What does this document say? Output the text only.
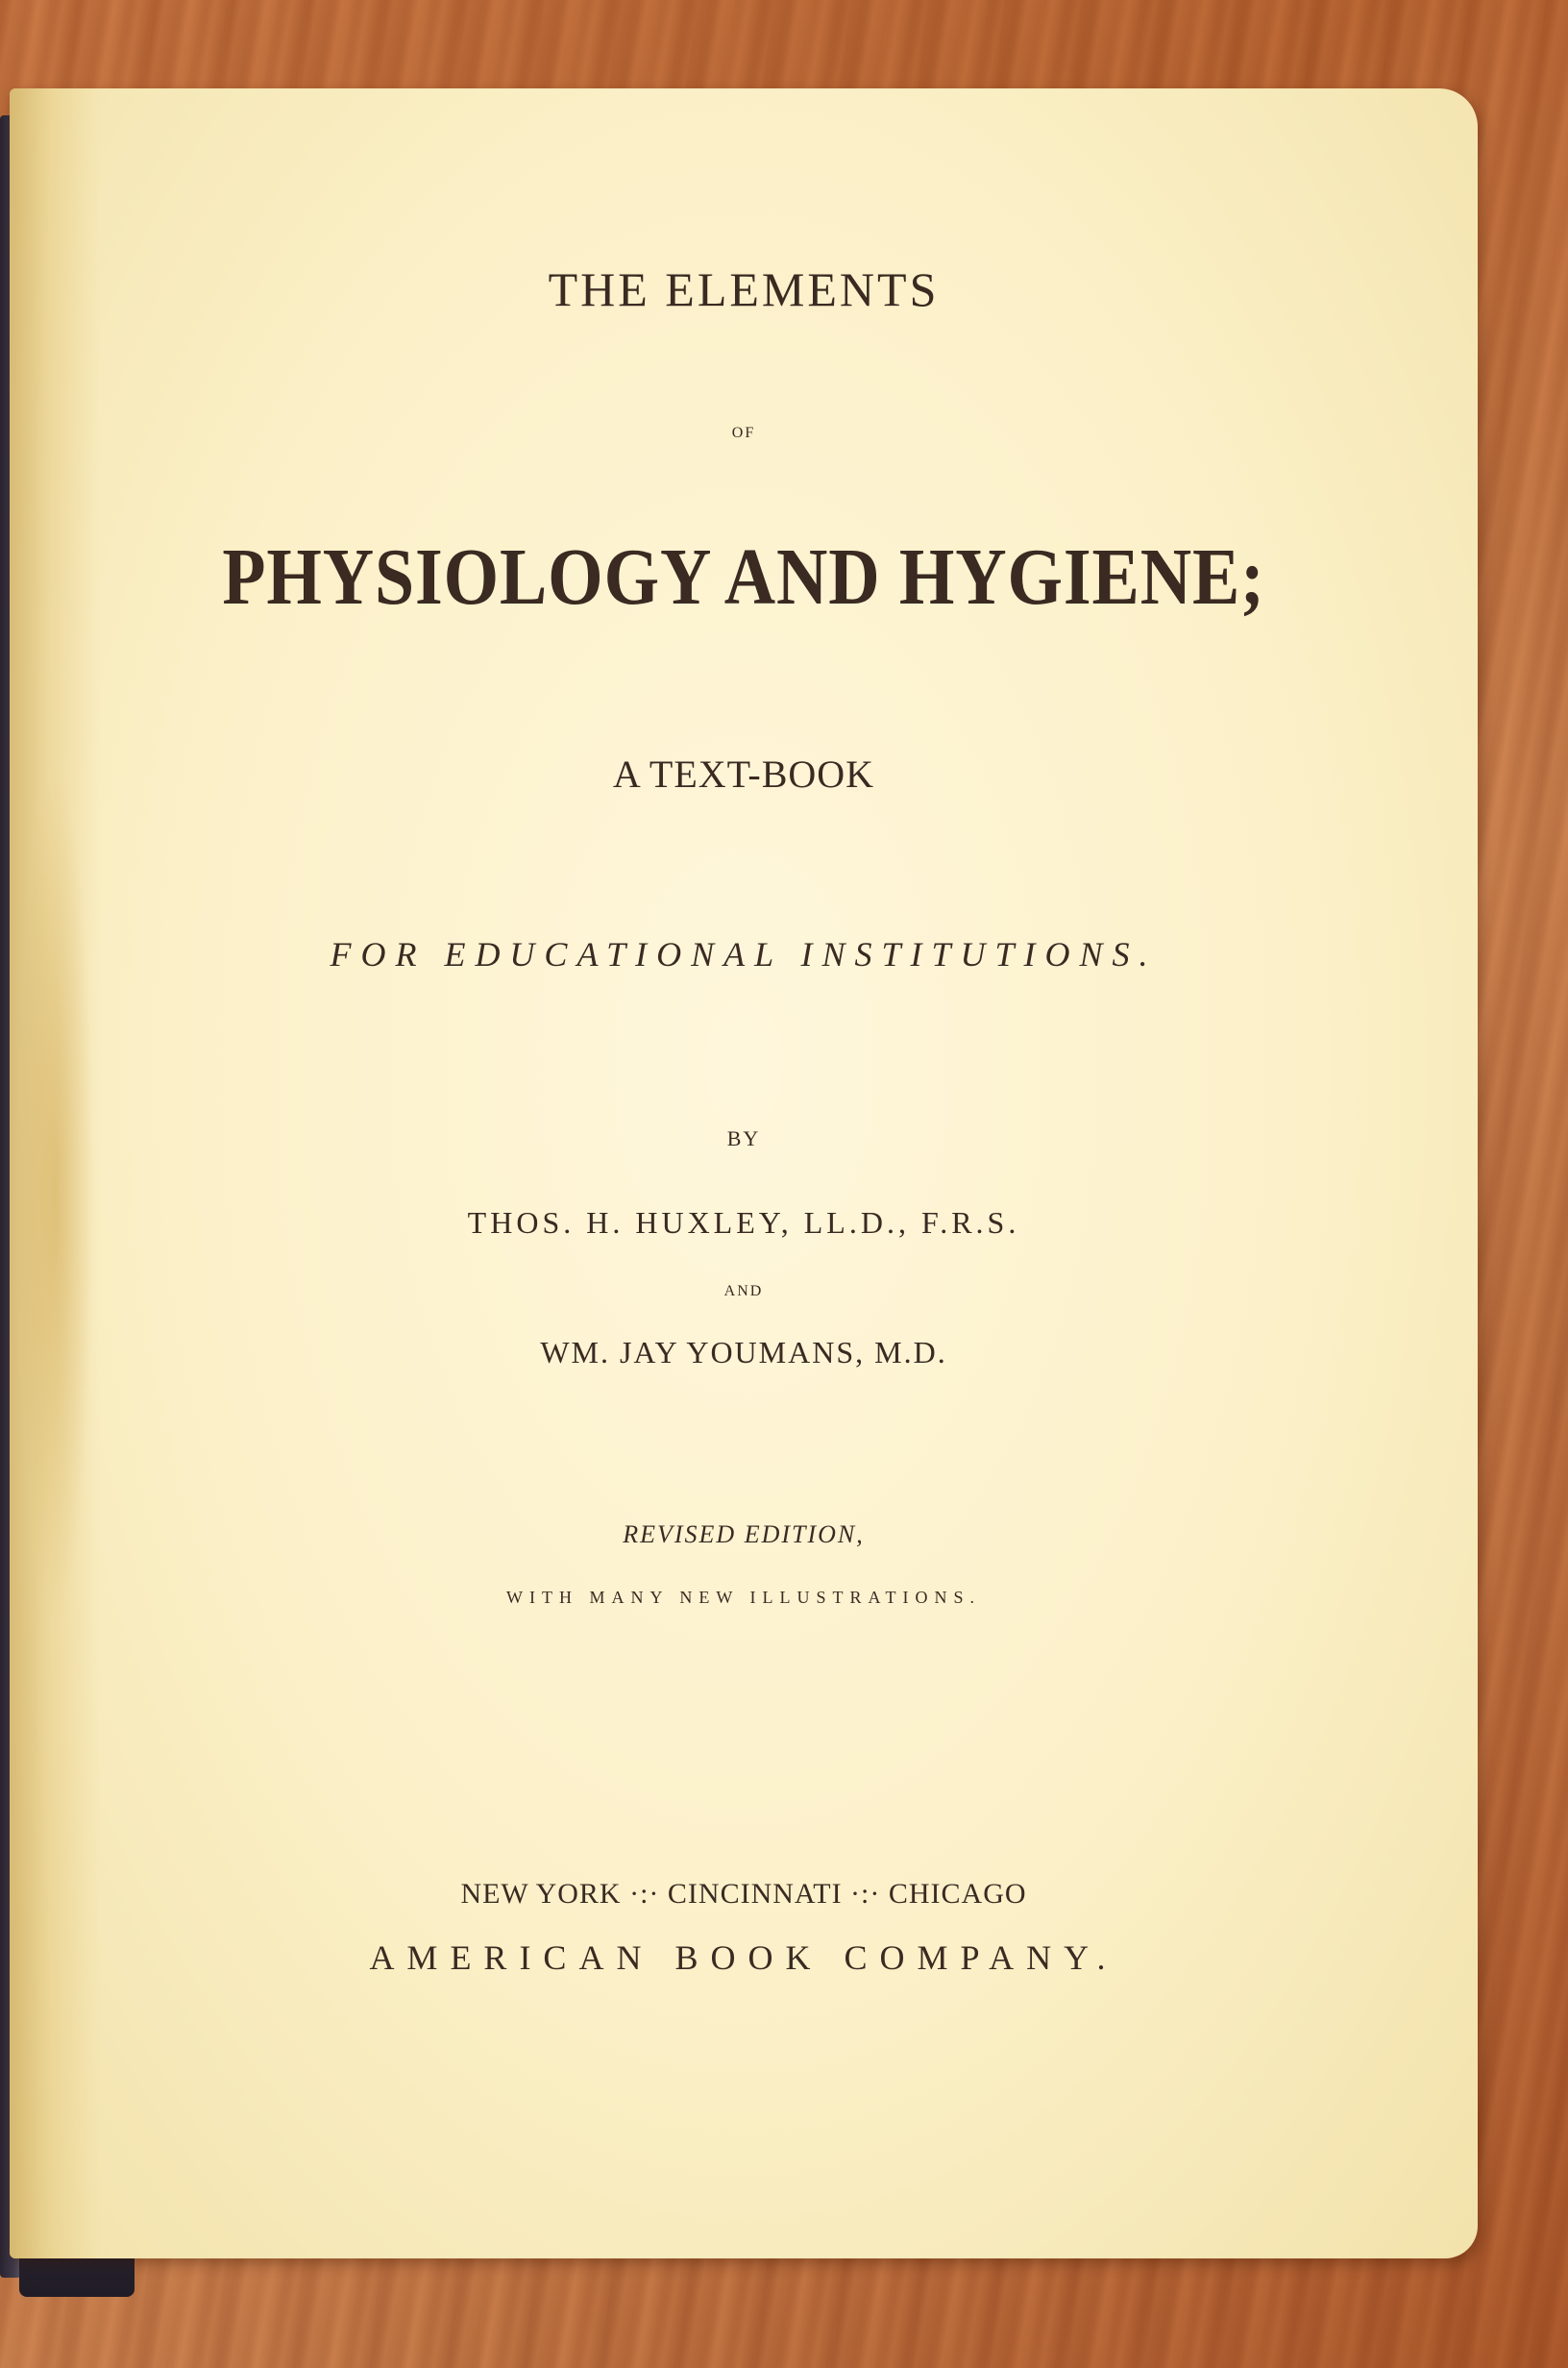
THE ELEMENTS
OF
PHYSIOLOGY AND HYGIENE;
A TEXT-BOOK
FOR EDUCATIONAL INSTITUTIONS.
BY
THOS. H. HUXLEY, LL.D., F.R.S.
AND
WM. JAY YOUMANS, M.D.
REVISED EDITION,
WITH MANY NEW ILLUSTRATIONS.
NEW YORK ·:· CINCINNATI ·:· CHICAGO
AMERICAN BOOK COMPANY.
